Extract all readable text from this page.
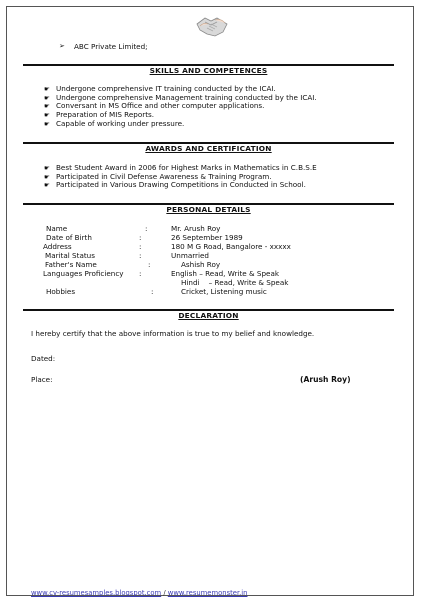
➢ ABC Private Limited;
SKILLS AND COMPETENCES
☛ Undergone comprehensive IT training conducted by the ICAI.
☛ Undergone comprehensive Management training conducted by the ICAI.
☛ Conversant in MS Office and other computer applications.
☛ Preparation of MIS Reports.
☛ Capable of working under pressure.
AWARDS AND CERTIFICATION
☛ Best Student Award in 2006 for Highest Marks in Mathematics in C.B.S.E
☛ Participated in Civil Defense Awareness & Training Program.
☛ Participated in Various Drawing Competitions in Conducted in School.
PERSONAL DETAILS
Name	:	Mr. Arush Roy
Date of Birth	:	26 September 1989
Address	:	180 M G Road, Bangalore - xxxxx
Marital Status	:	Unmarried
Father's Name	:	Ashish Roy
Languages Proficiency :	English – Read, Write & Speak
Hindi    – Read, Write & Speak
Hobbies	:	Cricket, Listening music
DECLARATION
I hereby certify that the above information is true to my belief and knowledge.
Dated:
Place:	(Arush Roy)
www.cv-resumesamples.blogspot.com / www.resumemonster.in
